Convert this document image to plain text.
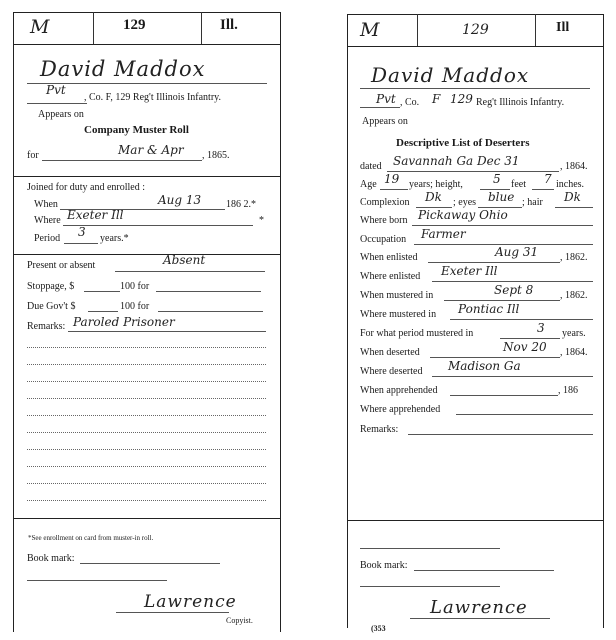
M	129	Ill.
David Maddox
Pvt
, Co. F, 129 Reg't Illinois Infantry.
Appears on
Company Muster Roll
for	Mar & Apr , 1865.
Joined for duty and enrolled :
When	Aug 13 186 2.*
Where Exeter Ill	*
Period 3 years.*
Present or absent	Absent
Stoppage, $	100 for
Due Gov't $	100 for
Remarks: Paroled Prisoner
*See enrollment on card from muster-in roll.
Book mark:
Lawrence
Copyist.
M	129	Ill
David Maddox
Pvt , Co. F 129 Reg't Illinois Infantry.
Appears on
Descriptive List of Deserters
dated Savannah Ga Dec 31	, 1864.
Age 19 years; height,	5 feet 7 inches.
Complexion Dk ; eyes blue ; hair Dk
Where born Pickaway Ohio
Occupation Farmer
When enlisted	Aug 31 , 1862.
Where enlisted Exeter Ill
When mustered in	Sept 8	, 1862.
Where mustered in Pontiac Ill
For what period mustered in	3 years.
When deserted	Nov 20 , 1864.
Where deserted Madison Ga
When apprehended	, 186
Where apprehended
Remarks:
Book mark:
Lawrence
(353
